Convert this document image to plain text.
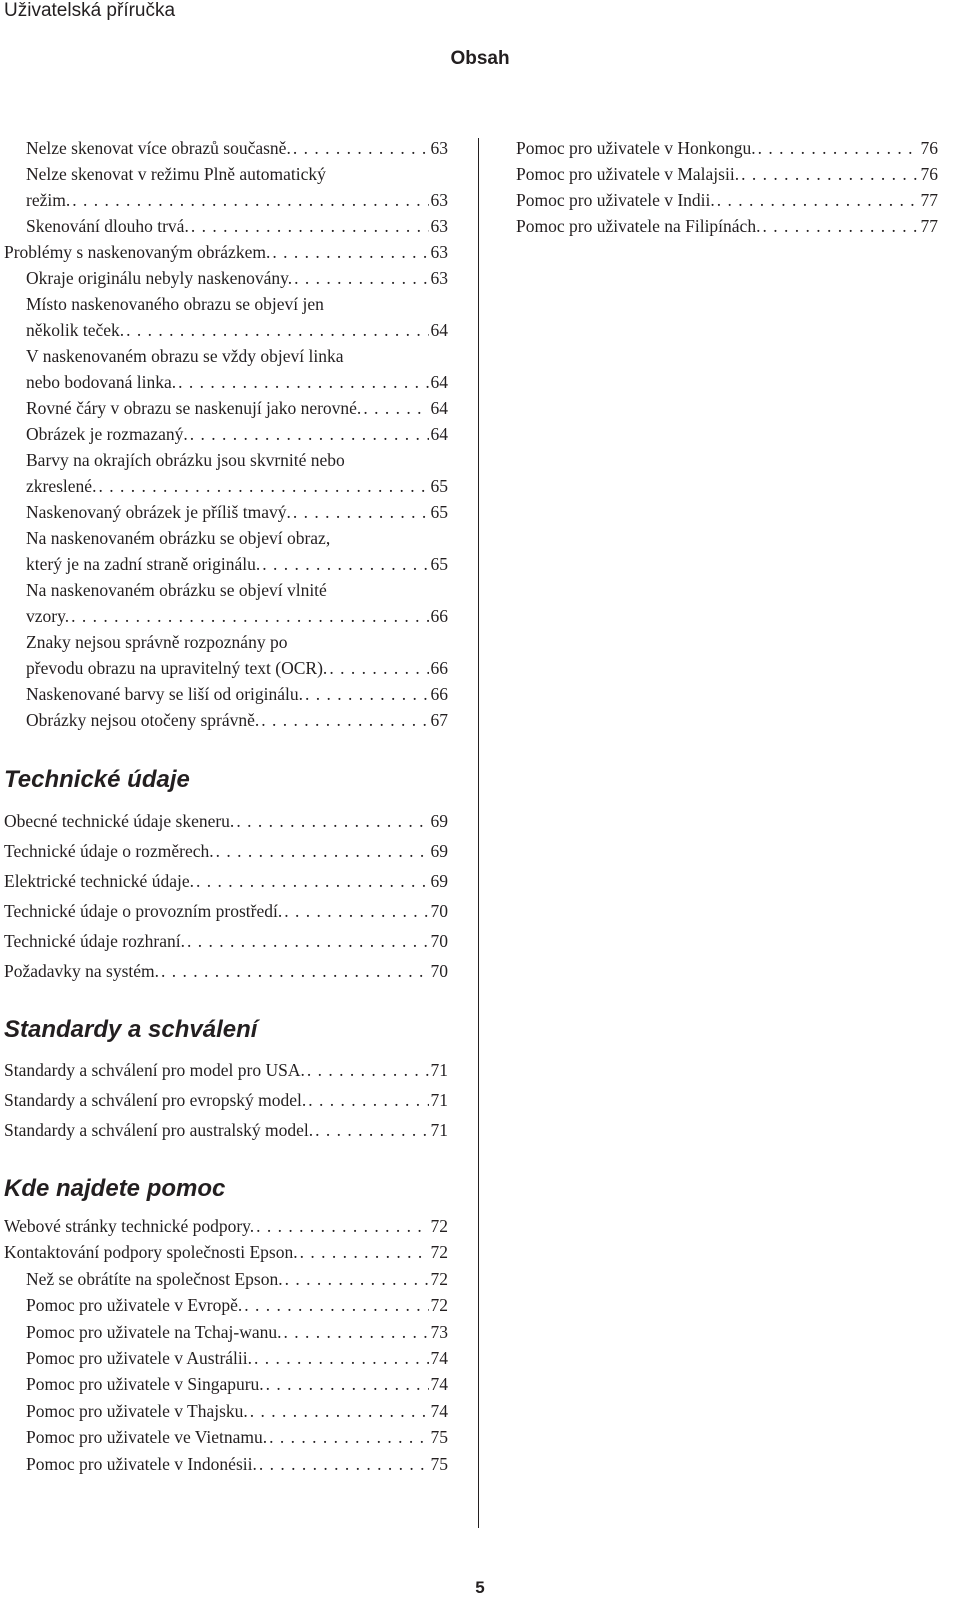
Uživatelská příručka
Obsah
Nelze skenovat více obrazů současně. . . .	63
Nelze skenovat v režimu Plně automatický
režim. . . .	63
Skenování dlouho trvá. . . .	63
Problémy s naskenovaným obrázkem. . . .	63
Okraje originálu nebyly naskenovány. . . .	63
Místo naskenovaného obrazu se objeví jen
několik teček. . . .	64
V naskenovaném obrazu se vždy objeví linka
nebo bodovaná linka. . . .	64
Rovné čáry v obrazu se naskenují jako nerovné. . . .	64
Obrázek je rozmazaný. . . .	64
Barvy na okrajích obrázku jsou skvrnité nebo
zkreslené. . . .	65
Naskenovaný obrázek je příliš tmavý. . . .	65
Na naskenovaném obrázku se objeví obraz,
který je na zadní straně originálu. . . .	65
Na naskenovaném obrázku se objeví vlnité
vzory. . . .	66
Znaky nejsou správně rozpoznány po
převodu obrazu na upravitelný text (OCR). . . .	66
Naskenované barvy se liší od originálu. . . .	66
Obrázky nejsou otočeny správně. . . .	67
Technické údaje
Obecné technické údaje skeneru. . . .	69
Technické údaje o rozměrech. . . .	69
Elektrické technické údaje. . . .	69
Technické údaje o provozním prostředí. . . .	70
Technické údaje rozhraní. . . .	70
Požadavky na systém. . . .	70
Standardy a schválení
Standardy a schválení pro model pro USA. . . .	71
Standardy a schválení pro evropský model. . . .	71
Standardy a schválení pro australský model. . . .	71
Kde najdete pomoc
Webové stránky technické podpory. . . .	72
Kontaktování podpory společnosti Epson. . . .	72
Než se obrátíte na společnost Epson. . . .	72
Pomoc pro uživatele v Evropě. . . .	72
Pomoc pro uživatele na Tchaj-wanu. . . .	73
Pomoc pro uživatele v Austrálii. . . .	74
Pomoc pro uživatele v Singapuru. . . .	74
Pomoc pro uživatele v Thajsku. . . .	74
Pomoc pro uživatele ve Vietnamu. . . .	75
Pomoc pro uživatele v Indonésii. . . .	75
Pomoc pro uživatele v Honkongu. . . .	76
Pomoc pro uživatele v Malajsii. . . .	76
Pomoc pro uživatele v Indii. . . .	77
Pomoc pro uživatele na Filipínách. . . .	77
5
